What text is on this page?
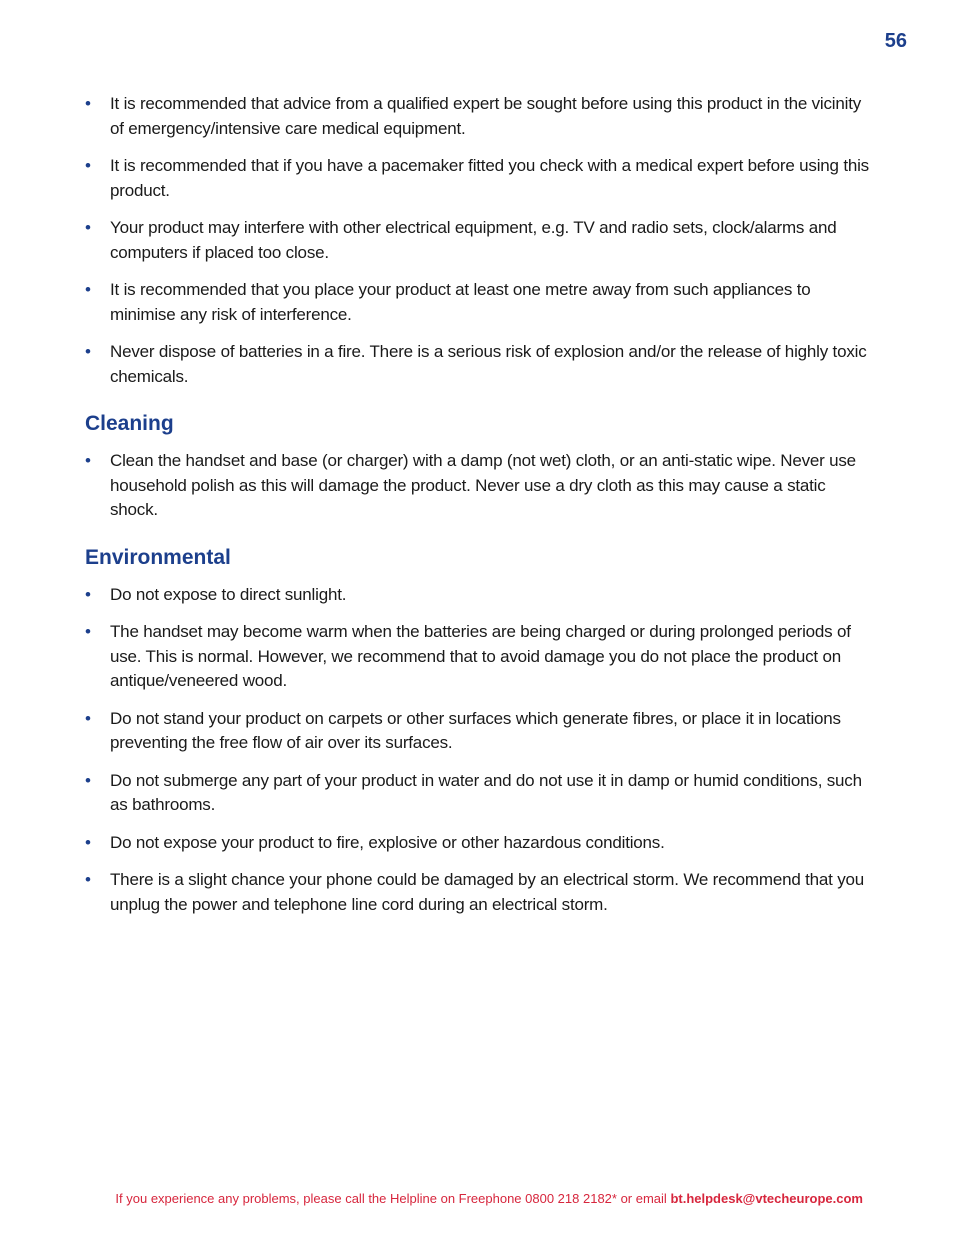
56
• It is recommended that advice from a qualified expert be sought before using this product in the vicinity of emergency/intensive care medical equipment.
• It is recommended that if you have a pacemaker fitted you check with a medical expert before using this product.
• Your product may interfere with other electrical equipment, e.g. TV and radio sets, clock/alarms and computers if placed too close.
• It is recommended that you place your product at least one metre away from such appliances to minimise any risk of interference.
• Never dispose of batteries in a fire. There is a serious risk of explosion and/or the release of highly toxic chemicals.
Cleaning
• Clean the handset and base (or charger) with a damp (not wet) cloth, or an anti-static wipe. Never use household polish as this will damage the product. Never use a dry cloth as this may cause a static shock.
Environmental
• Do not expose to direct sunlight.
• The handset may become warm when the batteries are being charged or during prolonged periods of use. This is normal. However, we recommend that to avoid damage you do not place the product on antique/veneered wood.
• Do not stand your product on carpets or other surfaces which generate fibres, or place it in locations preventing the free flow of air over its surfaces.
• Do not submerge any part of your product in water and do not use it in damp or humid conditions, such as bathrooms.
• Do not expose your product to fire, explosive or other hazardous conditions.
• There is a slight chance your phone could be damaged by an electrical storm. We recommend that you unplug the power and telephone line cord during an electrical storm.
If you experience any problems, please call the Helpline on Freephone 0800 218 2182* or email bt.helpdesk@vtecheurope.com
